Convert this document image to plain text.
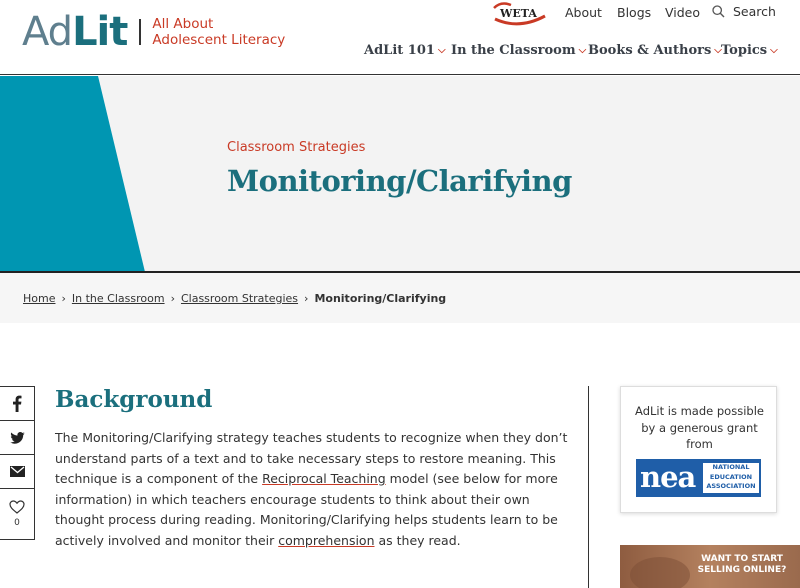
AdLit All About
Adolescent Literacy
WETA About Blogs Video	Search
AdLit 101 ⌵ In the Classroom ⌵ Books & Authors ⌵ Topics ⌵
Classroom Strategies
Monitoring/Clarifying
Home › In the Classroom › Classroom Strategies › Monitoring/Clarifying
0
Background

The Monitoring/Clarifying strategy teaches students to recognize when they don’t understand parts of a text and to take necessary steps to restore meaning. This technique is a component of the Reciprocal Teaching model (see below for more information) in which teachers encourage students to think about their own thought process during reading. Monitoring/Clarifying helps students learn to be actively involved and monitor their comprehension as they read.

AdLit is made possible
by a generous grant
from
nea	NATIONAL
EDUCATION
ASSOCIATION
WANT TO START
SELLING ONLINE?
